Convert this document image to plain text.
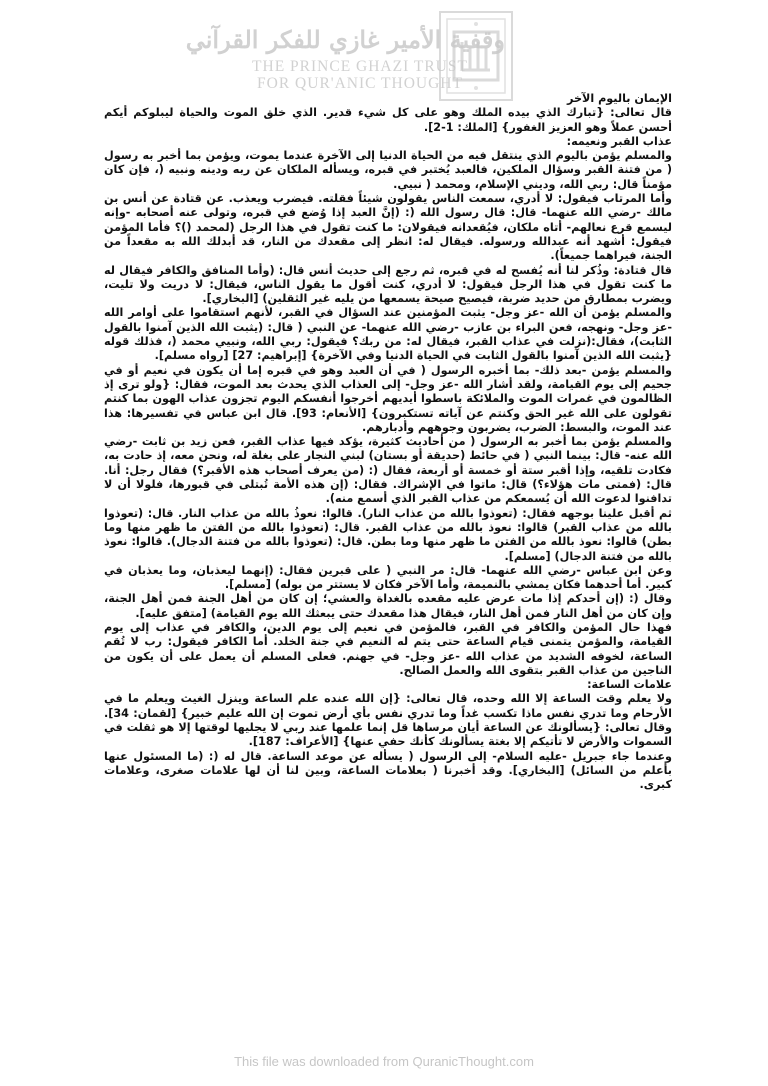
وقفية الأمير غازي للفكر القرآني
THE PRINCE GHAZI TRUST
FOR QUR'ANIC THOUGHT

الإيمان باليوم الآخر

قال تعالى: {تبارك الذي بيده الملك وهو على كل شيء قدير. الذي خلق الموت والحياة ليبلوكم أيكم أحسن عملاً وهو العزيز الغفور} [الملك: 1-2].

عذاب القبر ونعيمه:

والمسلم يؤمن باليوم الذي ينتقل فيه من الحياة الدنيا إلى الآخرة عندما يموت، ويؤمن بما أخبر به رسول ( من فتنة القبر وسؤال الملكين، فالعبد يُختبر في قبره، ويسأله الملكان عن ربه ودينه ونبيه (، فإن كان مؤمناً قال: ربي الله، وديني الإسلام، ومحمد ( نبيي.

وأما المرتاب فيقول: لا أدري، سمعت الناس يقولون شيئاً فقلته. فيضرب ويعذب. عن قتادة عن أنس بن مالك -رضي الله عنهما- قال: قال رسول الله (: (إنَّ العبد إذا وُضع في قبره، وتولى عنه أصحابه -وإنه ليسمع قرع نعالهم- أتاه ملكان، فيُقعدانه فيقولان: ما كنت تقول في هذا الرجل (لمحمد ()؟ فأما المؤمن فيقول: أشهد أنه عبدالله ورسوله. فيقال له: انظر إلى مقعدك من النار، قد أبدلك الله به مقعداً من الجنة، فيراهما جميعاً).

قال قتادة: وذُكر لنا أنه يُفسح له في قبره، ثم رجع إلى حديث أنس قال: (وأما المنافق والكافر فيقال له ما كنت تقول في هذا الرجل فيقول: لا أدري، كنت أقول ما يقول الناس، فيقال: لا دريت ولا تليت، ويضرب بمطارق من حديد ضربة، فيصيح صيحة يسمعها من يليه غير الثقلين) [البخاري].

والمسلم يؤمن أن الله -عز وجل- يثبت المؤمنين عند السؤال في القبر، لأنهم استقاموا على أوامر الله -عز وجل- ونهجه، فعن البراء بن عازب -رضي الله عنهما- عن النبي ( قال: (يثبت الله الذين آمنوا بالقول الثابت)، فقال:(نزلت في عذاب القبر، فيقال له: من ربك؟ فيقول: ربي الله، ونبيي محمد (، فذلك قوله {يثبت الله الذين آمنوا بالقول الثابت في الحياة الدنيا وفي الآخرة} [إبراهيم: 27] [رواه مسلم].

والمسلم يؤمن -بعد ذلك- بما أخبره الرسول ( في أن العبد وهو في قبره إما أن يكون في نعيم أو في جحيم إلى يوم القيامة، ولقد أشار الله -عز وجل- إلى العذاب الذي يحدث بعد الموت، فقال: {ولو ترى إذ الظالمون في غمرات الموت والملائكة باسطوا أيديهم أخرجوا أنفسكم اليوم تجزون عذاب الهون بما كنتم تقولون على الله غير الحق وكنتم عن آياته تستكبرون} [الأنعام: 93]. قال ابن عباس في تفسيرها: هذا عند الموت، والبسط: الضرب، يضربون وجوههم وأدبارهم.

والمسلم يؤمن بما أخبر به الرسول ( من أحاديث كثيرة، يؤكد فيها عذاب القبر، فعن زيد بن ثابت -رضي الله عنه- قال: بينما النبي ( في حائط (حديقة أو بستان) لبني النجار على بغلة له، ونحن معه، إذ حادت به، فكادت تلقيه، وإذا أقبر ستة أو خمسة أو أربعة، فقال (: (من يعرف أصحاب هذه الأقبر؟) فقال رجل: أنا. قال: (فمتى مات هؤلاء؟) قال: ماتوا في الإشراك. فقال: (إن هذه الأمة تُبتلى في قبورها، فلولا أن لا تدافنوا لدعوت الله أن يُسمعكم من عذاب القبر الذي أسمع منه).

ثم أقبل علينا بوجهه فقال: (تعوذوا بالله من عذاب النار). قالوا: نعوذُ بالله من عذاب النار. قال: (تعوذوا بالله من عذاب القبر) قالوا: نعوذ بالله من عذاب القبر. قال: (تعوذوا بالله من الفتن ما ظهر منها وما بطن) قالوا: نعوذ بالله من الفتن ما ظهر منها وما بطن. قال: (تعوذوا بالله من فتنة الدجال). قالوا: نعوذ بالله من فتنة الدجال) [مسلم].

وعن ابن عباس -رضي الله عنهما- قال: مر النبي ( على قبرين فقال: (إنهما ليعذبان، وما يعذبان في كبير. أما أحدهما فكان يمشي بالنميمة، وأما الآخر فكان لا يستتر من بوله) [مسلم].

وقال (: (إن أحدكم إذا مات عرض عليه مقعده بالغداة والعشي؛ إن كان من أهل الجنة فمن أهل الجنة، وإن كان من أهل النار فمن أهل النار، فيقال هذا مقعدك حتى يبعثك الله يوم القيامة) [متفق عليه].

فهذا حال المؤمن والكافر في القبر، فالمؤمن في نعيم إلى يوم الدين، والكافر في عذاب إلى يوم القيامة، والمؤمن يتمنى قيام الساعة حتى يتم له النعيم في جنة الخلد. أما الكافر فيقول: رب لا تُقم الساعة، لخوفه الشديد من عذاب الله -عز وجل- في جهنم. فعلى المسلم أن يعمل على أن يكون من الناجين من عذاب القبر بتقوى الله والعمل الصالح.

علامات الساعة:

ولا يعلم وقت الساعة إلا الله وحده، قال تعالى: {إن الله عنده علم الساعة وينزل الغيث ويعلم ما في الأرحام وما تدري نفس ماذا تكسب غداً وما تدري نفس بأي أرض تموت إن الله عليم خبير} [لقمان: 34]. وقال تعالى: {يسألونك عن الساعة أيان مرساها قل إنما علمها عند ربي لا يجليها لوقتها إلا هو ثقلت في السموات والأرض لا تأتيكم إلا بغتة يسألونك كأنك حفي عنها} [الأعراف: 187].

وعندما جاء جبريل -عليه السلام- إلى الرسول ( يسأله عن موعد الساعة. قال له (: (ما المسئول عنها بأعلم من السائل) [البخاري]. وقد أخبرنا ( بعلامات الساعة، وبين لنا أن لها علامات صغرى، وعلامات كبرى.

This file was downloaded from QuranicThought.com
